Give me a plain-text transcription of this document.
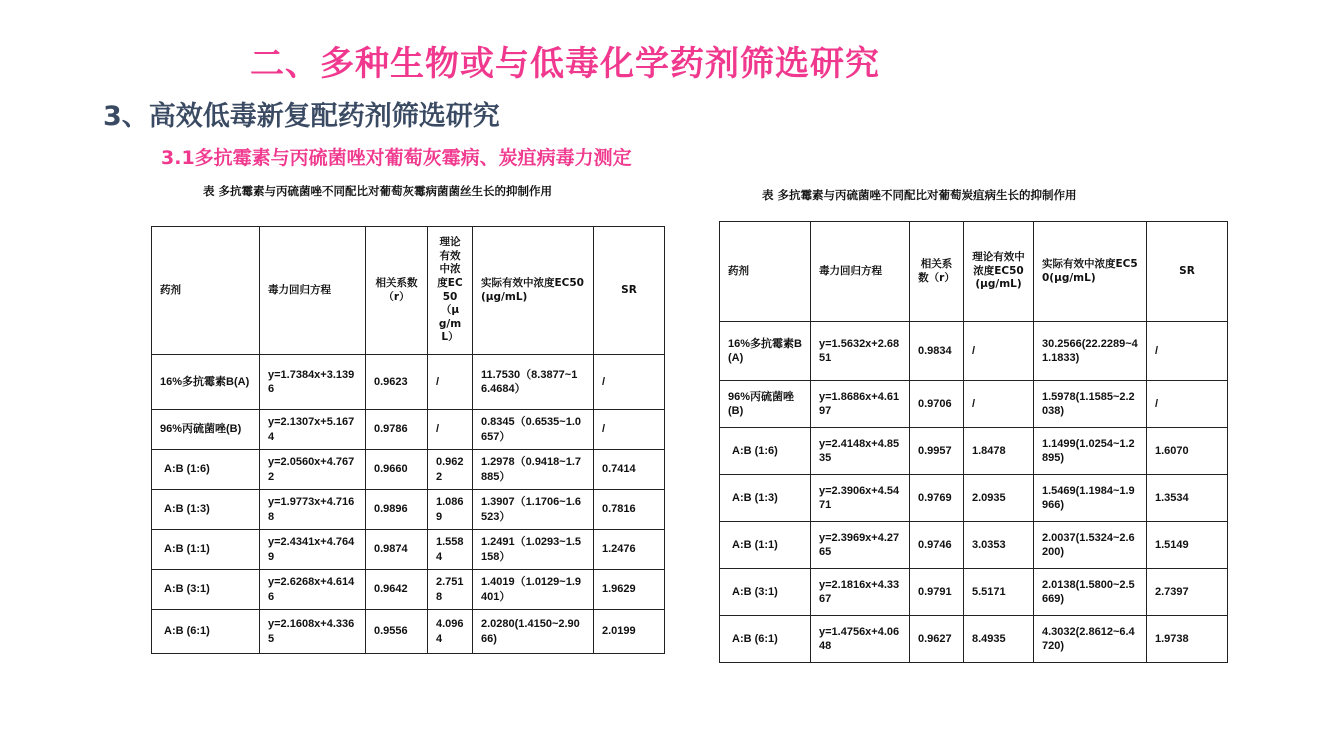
二、多种生物或与低毒化学药剂筛选研究
3、高效低毒新复配药剂筛选研究
3.1多抗霉素与丙硫菌唑对葡萄灰霉病、炭疽病毒力测定
表 多抗霉素与丙硫菌唑不同配比对葡萄灰霉病菌菌丝生长的抑制作用	表 多抗霉素与丙硫菌唑不同配比对葡萄炭疽病生长的抑制作用
药剂	毒力回归方程	相关系数（r）	理论有效中浓度EC50（μg/mL）	实际有效中浓度EC50(μg/mL)	SR
16%多抗霉素B(A)	y=1.7384x+3.1396	0.9623	/	11.7530（8.3877~16.4684）	/
96%丙硫菌唑(B)	y=2.1307x+5.1674	0.9786	/	0.8345（0.6535~1.0657）	/
A:B (1:6)	y=2.0560x+4.7672	0.9660	0.9622	1.2978（0.9418~1.7885）	0.7414
A:B (1:3)	y=1.9773x+4.7168	0.9896	1.0869	1.3907（1.1706~1.6523）	0.7816
A:B (1:1)	y=2.4341x+4.7649	0.9874	1.5584	1.2491（1.0293~1.5158）	1.2476
A:B (3:1)	y=2.6268x+4.6146	0.9642	2.7518	1.4019（1.0129~1.9401）	1.9629
A:B (6:1)	y=2.1608x+4.3365	0.9556	4.0964	2.0280(1.4150~2.9066)	2.0199
药剂	毒力回归方程	相关系数（r）	理论有效中浓度EC50(μg/mL)	实际有效中浓度EC50(μg/mL)	SR
16%多抗霉素B(A)	y=1.5632x+2.6851	0.9834	/	30.2566(22.2289~41.1833)	/
96%丙硫菌唑(B)	y=1.8686x+4.6197	0.9706	/	1.5978(1.1585~2.2038)	/
A:B (1:6)	y=2.4148x+4.8535	0.9957	1.8478	1.1499(1.0254~1.2895)	1.6070
A:B (1:3)	y=2.3906x+4.5471	0.9769	2.0935	1.5469(1.1984~1.9966)	1.3534
A:B (1:1)	y=2.3969x+4.2765	0.9746	3.0353	2.0037(1.5324~2.6200)	1.5149
A:B (3:1)	y=2.1816x+4.3367	0.9791	5.5171	2.0138(1.5800~2.5669)	2.7397
A:B (6:1)	y=1.4756x+4.0648	0.9627	8.4935	4.3032(2.8612~6.4720)	1.9738
